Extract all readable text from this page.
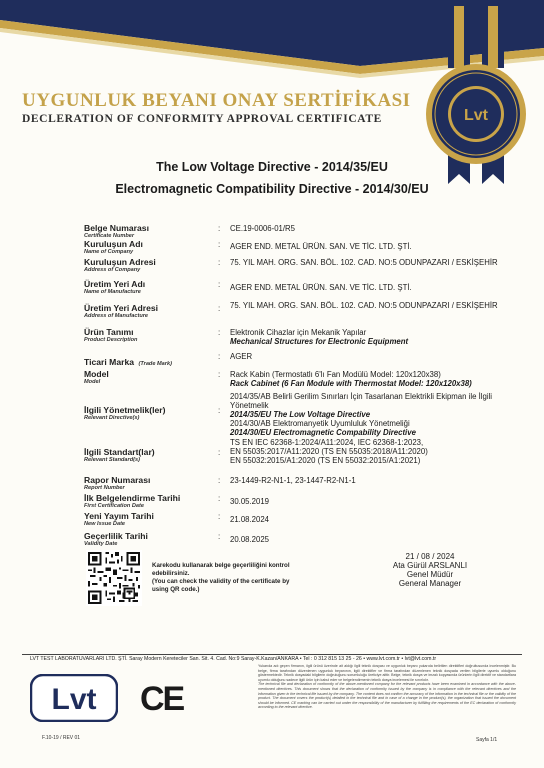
Lvt
UYGUNLUK BEYANI ONAY SERTİFİKASI
DECLERATION OF CONFORMITY APPROVAL CERTIFICATE
The Low Voltage Directive - 2014/35/EU
Electromagnetic Compatibility Directive - 2014/30/EU
Belge Numarası
Certificate Number
: CE.19-0006-01/R5
Kuruluşun Adı
Name of Company
: AGER END. METAL ÜRÜN. SAN. VE TİC. LTD. ŞTİ.
Kuruluşun Adresi
Address of Company
: 75. YIL MAH. ORG. SAN. BÖL. 102. CAD. NO:5 ODUNPAZARI / ESKİŞEHİR
Üretim Yeri Adı
Name of Manufacture
: AGER END. METAL ÜRÜN. SAN. VE TİC. LTD. ŞTİ.
Üretim Yeri Adresi
Address of Manufacture
: 75. YIL MAH. ORG. SAN. BÖL. 102. CAD. NO:5 ODUNPAZARI / ESKİŞEHİR
Ürün Tanımı
Product Description
: Elektronik Cihazlar için Mekanik Yapılar
Mechanical Structures for Electronic Equipment
Ticari Marka (Trade Mark)
: AGER
Model
Model
: Rack Kabin (Termostatlı 6'lı Fan Modülü Model: 120x120x38)
Rack Cabinet (6 Fan Module with Thermostat Model: 120x120x38)
İlgili Yönetmelik(ler)
Relevant Directive(s)
:
2014/35/AB Belirli Gerilim Sınırları İçin Tasarlanan Elektrikli Ekipman ile İlgili Yönetmelik
2014/35/EU The Low Voltage Directive
2014/30/AB Elektromanyetik Uyumluluk Yönetmeliği
2014/30/EU Electromagnetic Compability Directive
İlgili Standart(lar)
Relevant Standard(s)
:
TS EN IEC 62368-1:2024/A11:2024, IEC 62368-1:2023,
EN 55035:2017/A11:2020 (TS EN 55035:2018/A11:2020)
EN 55032:2015/A1:2020 (TS EN 55032:2015/A1:2021)
Rapor Numarası
Report Number
: 23-1449-R2-N1-1, 23-1447-R2-N1-1
İlk Belgelendirme Tarihi
First Certification Date
: 30.05.2019
Yeni Yayım Tarihi
New Issue Date
: 21.08.2024
Geçerlilik Tarihi
Validity Date
: 20.08.2025
Karekodu kullanarak belge geçerliliğini kontrol edebilirsiniz.
(You can check the validity of the certificate by using QR code.)
21 / 08 / 2024
Ata Gürül ARSLANLI
Genel Müdür
General Manager
LVT TEST LABORATUVARLARI LTD. ŞTİ. Saray Modern Kereteciler San. Sit. 4. Cad. No:9 Saray-K.Kazan/ANKARA • Tel : 0 312 815 13 25 - 26 • www.lvt.com.tr • lvt@lvt.com.tr
Yukarıda adı geçen firmanın, ilgili ürünü üzerinde ait aldığı ilgili teknik dosyası ve uygunluk beyanı yukarıda belirtilen direktifleri doğrultusunda incelenmiştir. Bu belge, firma tarafından düzenlenen uygunluk beyanının, ilgili direktifler ve firma tarafından düzenlenen teknik dosyada verilen bilgilerle uyumlu olduğunu göstermektedir. Teknik dosyadaki bilgilerin doğruluğunu sorumluluğu üreticiye aittir. Belge, teknik dosya ve imzalı kopyasında ürünlerin ilgili direktif ve standartlara uyumlu olduğunu sadece ilgili ürün için kabul eder ve belgelendirmenin teknik dosya incelemesi ile sınırlıdır.
The technical file and declaration of conformity of the above-mentioned company for the relevant products have been examined in accordance with the above-mentioned directives. This document shows that the declaration of conformity issued by the company is in compliance with the relevant directives and the information given in the technical file issued by the company. The content does not confirm the accuracy of the information in the technical file or the validity of the product. The document covers the product(s) detailed in the technical file and in case of a change in the product(s), the organization that issued the document should be informed. CE marking can be carried out under the responsibility of the manufacturer by fulfilling the requirements of the EC declaration of conformity according to the relevant directive.
Lvt CE
F.10-19 / REV 01	Sayfa 1/1
